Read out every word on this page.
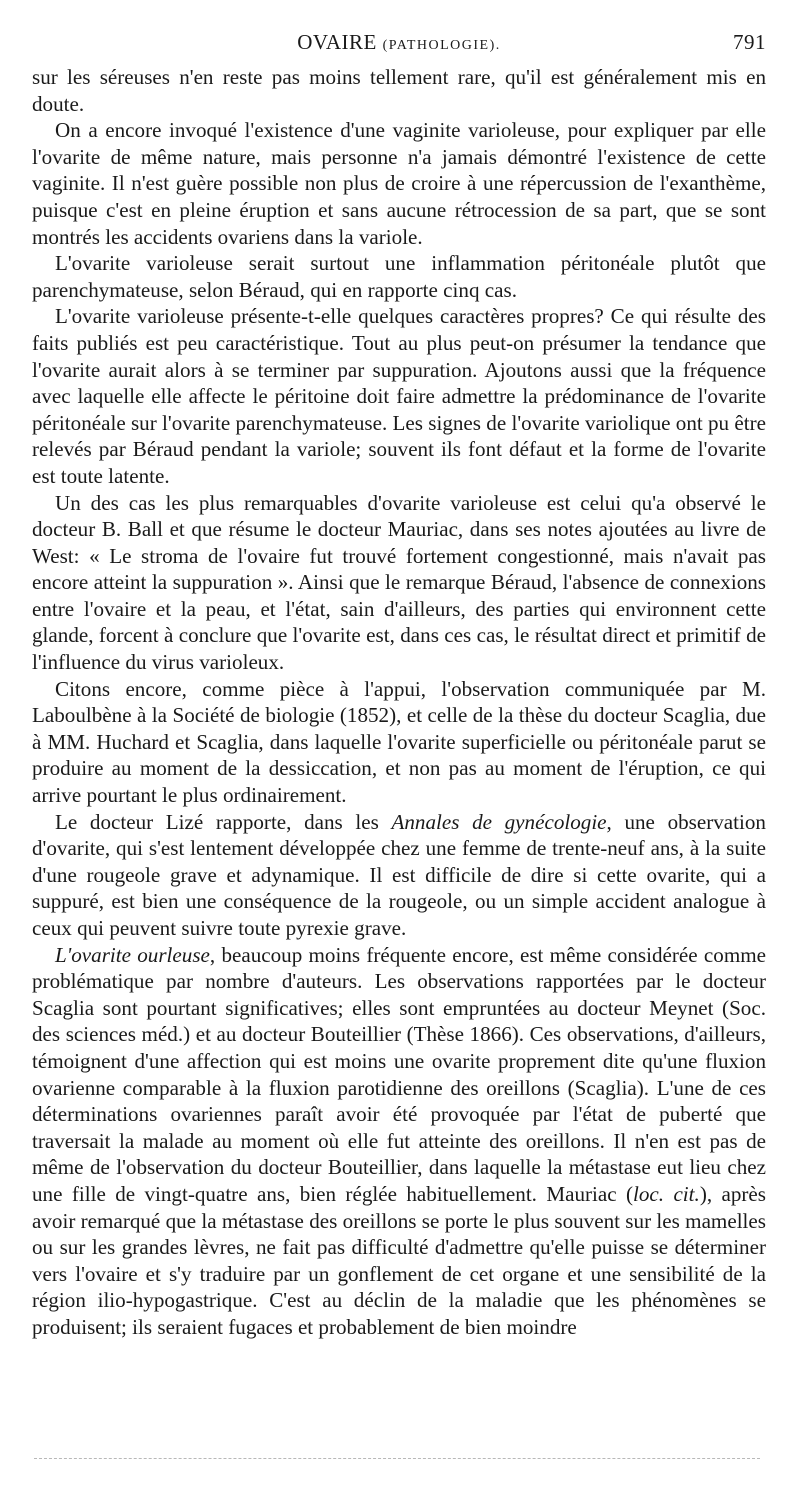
OVAIRE (PATHOLOGIE).	791

sur les séreuses n'en reste pas moins tellement rare, qu'il est généralement mis en doute.

On a encore invoqué l'existence d'une vaginite varioleuse, pour expliquer par elle l'ovarite de même nature, mais personne n'a jamais démontré l'existence de cette vaginite. Il n'est guère possible non plus de croire à une répercussion de l'exanthème, puisque c'est en pleine éruption et sans aucune rétrocession de sa part, que se sont montrés les accidents ovariens dans la variole.

L'ovarite varioleuse serait surtout une inflammation péritonéale plutôt que parenchymateuse, selon Béraud, qui en rapporte cinq cas.

L'ovarite varioleuse présente-t-elle quelques caractères propres? Ce qui résulte des faits publiés est peu caractéristique. Tout au plus peut-on présumer la tendance que l'ovarite aurait alors à se terminer par suppuration. Ajoutons aussi que la fréquence avec laquelle elle affecte le péritoine doit faire admettre la prédominance de l'ovarite péritonéale sur l'ovarite parenchymateuse. Les signes de l'ovarite variolique ont pu être relevés par Béraud pendant la variole; souvent ils font défaut et la forme de l'ovarite est toute latente.

Un des cas les plus remarquables d'ovarite varioleuse est celui qu'a observé le docteur B. Ball et que résume le docteur Mauriac, dans ses notes ajoutées au livre de West: « Le stroma de l'ovaire fut trouvé fortement congestionné, mais n'avait pas encore atteint la suppuration ». Ainsi que le remarque Béraud, l'absence de connexions entre l'ovaire et la peau, et l'état, sain d'ailleurs, des parties qui environnent cette glande, forcent à conclure que l'ovarite est, dans ces cas, le résultat direct et primitif de l'influence du virus varioleux.

Citons encore, comme pièce à l'appui, l'observation communiquée par M. Laboulbène à la Société de biologie (1852), et celle de la thèse du docteur Scaglia, due à MM. Huchard et Scaglia, dans laquelle l'ovarite superficielle ou péritonéale parut se produire au moment de la dessiccation, et non pas au moment de l'éruption, ce qui arrive pourtant le plus ordinairement.

Le docteur Lizé rapporte, dans les Annales de gynécologie, une observation d'ovarite, qui s'est lentement développée chez une femme de trente-neuf ans, à la suite d'une rougeole grave et adynamique. Il est difficile de dire si cette ovarite, qui a suppuré, est bien une conséquence de la rougeole, ou un simple accident analogue à ceux qui peuvent suivre toute pyrexie grave.

L'ovarite ourleuse, beaucoup moins fréquente encore, est même considérée comme problématique par nombre d'auteurs. Les observations rapportées par le docteur Scaglia sont pourtant significatives; elles sont empruntées au docteur Meynet (Soc. des sciences méd.) et au docteur Bouteillier (Thèse 1866). Ces observations, d'ailleurs, témoignent d'une affection qui est moins une ovarite proprement dite qu'une fluxion ovarienne comparable à la fluxion parotidienne des oreillons (Scaglia). L'une de ces déterminations ovariennes paraît avoir été provoquée par l'état de puberté que traversait la malade au moment où elle fut atteinte des oreillons. Il n'en est pas de même de l'observation du docteur Bouteillier, dans laquelle la métastase eut lieu chez une fille de vingt-quatre ans, bien réglée habituellement. Mauriac (loc. cit.), après avoir remarqué que la métastase des oreillons se porte le plus souvent sur les mamelles ou sur les grandes lèvres, ne fait pas difficulté d'admettre qu'elle puisse se déterminer vers l'ovaire et s'y traduire par un gonflement de cet organe et une sensibilité de la région ilio-hypogastrique. C'est au déclin de la maladie que les phénomènes se produisent; ils seraient fugaces et probablement de bien moindre
